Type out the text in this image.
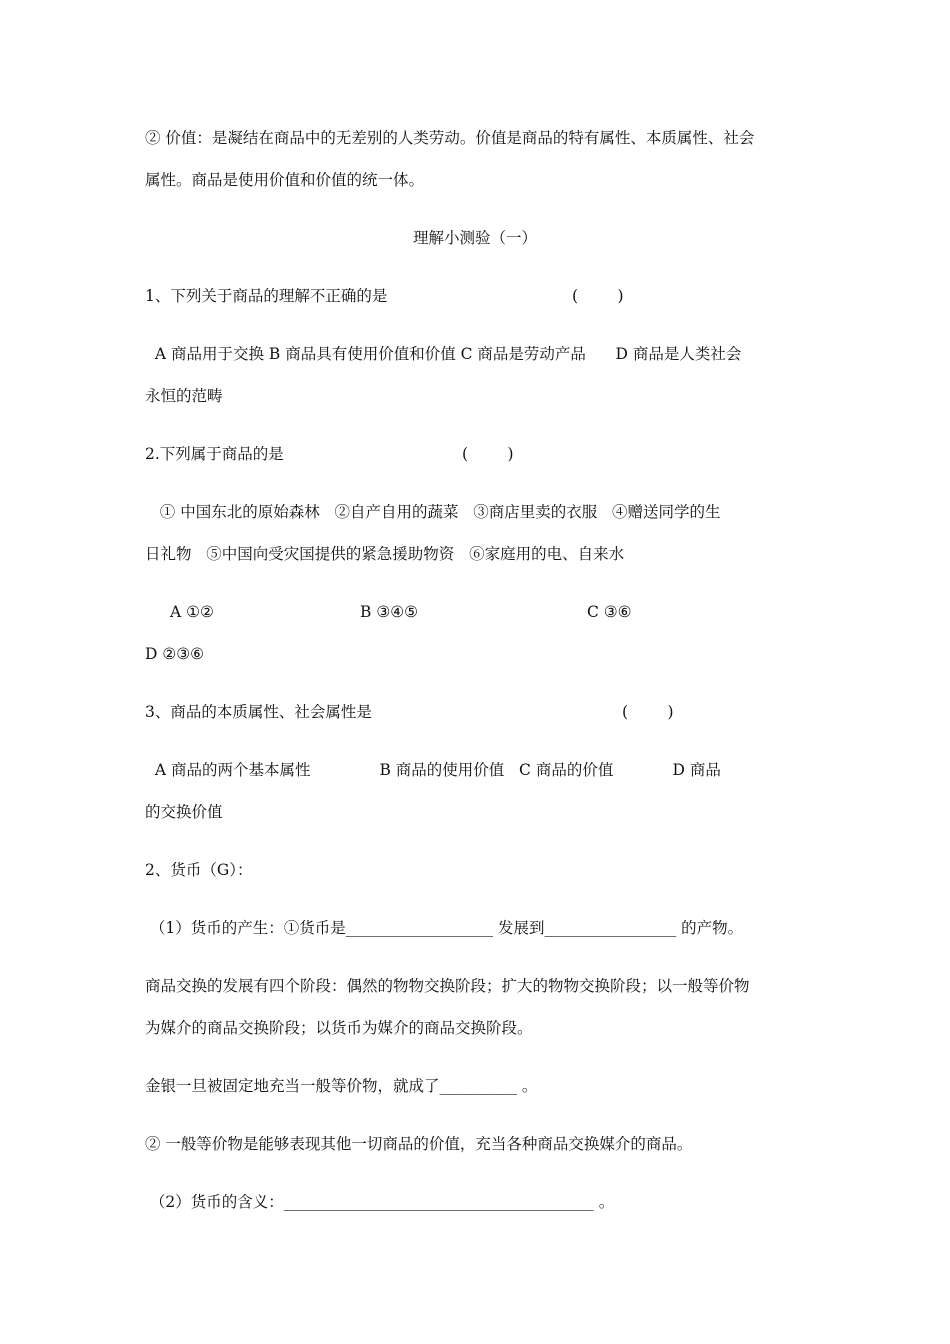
② 价值：是凝结在商品中的无差别的人类劳动。价值是商品的特有属性、本质属性、社会

属性。商品是使用价值和价值的统一体。

理解小测验（一）

1、下列关于商品的理解不正确的是	(        )

A 商品用于交换 B 商品具有使用价值和价值 C 商品是劳动产品      D 商品是人类社会

永恒的范畴

2.下列属于商品的是	(        )

① 中国东北的原始森林   ②自产自用的蔬菜   ③商店里卖的衣服   ④赠送同学的生

日礼物   ⑤中国向受灾国提供的紧急援助物资   ⑥家庭用的电、自来水

A ①②	B ③④⑤	C ③⑥

D ②③⑥

3、商品的本质属性、社会属性是	(        )

A 商品的两个基本属性              B 商品的使用价值   C 商品的价值            D 商品

的交换价值

2、货币（G）：

（1）货币的产生：①货币是___________________ 发展到_________________ 的产物。

商品交换的发展有四个阶段：偶然的物物交换阶段；扩大的物物交换阶段；以一般等价物

为媒介的商品交换阶段；以货币为媒介的商品交换阶段。

金银一旦被固定地充当一般等价物，就成了__________ 。

② 一般等价物是能够表现其他一切商品的价值，充当各种商品交换媒介的商品。

（2）货币的含义：________________________________________ 。
